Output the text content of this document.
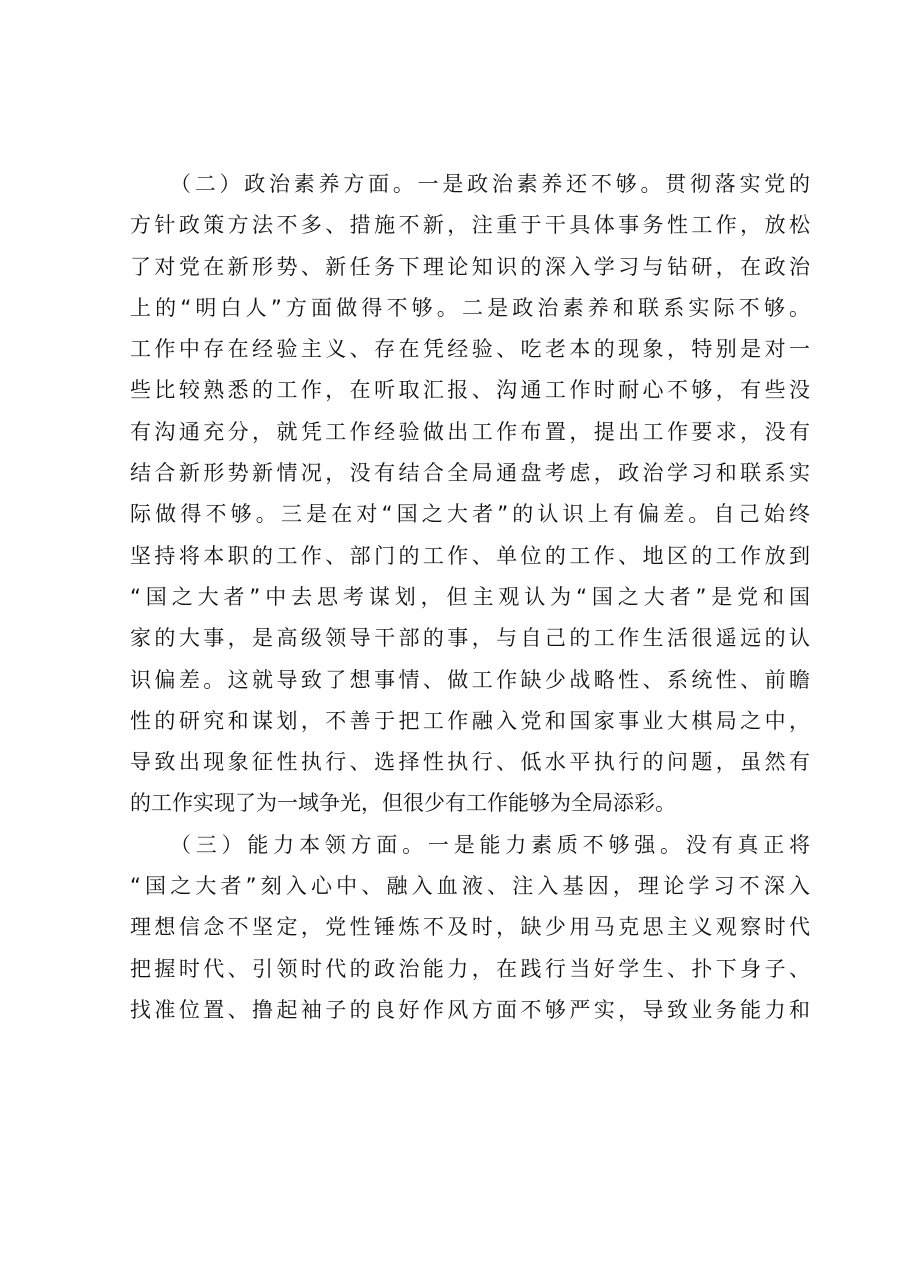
（二）政治素养方面。一是政治素养还不够。贯彻落实党的
方针政策方法不多、措施不新，注重于干具体事务性工作，放松
了对党在新形势、新任务下理论知识的深入学习与钻研，在政治
上的“明白人”方面做得不够。二是政治素养和联系实际不够。
工作中存在经验主义、存在凭经验、吃老本的现象，特别是对一
些比较熟悉的工作，在听取汇报、沟通工作时耐心不够，有些没
有沟通充分，就凭工作经验做出工作布置，提出工作要求，没有
结合新形势新情况，没有结合全局通盘考虑，政治学习和联系实
际做得不够。三是在对“国之大者”的认识上有偏差。自己始终
坚持将本职的工作、部门的工作、单位的工作、地区的工作放到
“国之大者”中去思考谋划，但主观认为“国之大者”是党和国
家的大事，是高级领导干部的事，与自己的工作生活很遥远的认
识偏差。这就导致了想事情、做工作缺少战略性、系统性、前瞻
性的研究和谋划，不善于把工作融入党和国家事业大棋局之中，
导致出现象征性执行、选择性执行、低水平执行的问题，虽然有
的工作实现了为一域争光，但很少有工作能够为全局添彩。
（三）能力本领方面。一是能力素质不够强。没有真正将
“国之大者”刻入心中、融入血液、注入基因，理论学习不深入
理想信念不坚定，党性锤炼不及时，缺少用马克思主义观察时代
把握时代、引领时代的政治能力，在践行当好学生、扑下身子、
找准位置、撸起袖子的良好作风方面不够严实，导致业务能力和
